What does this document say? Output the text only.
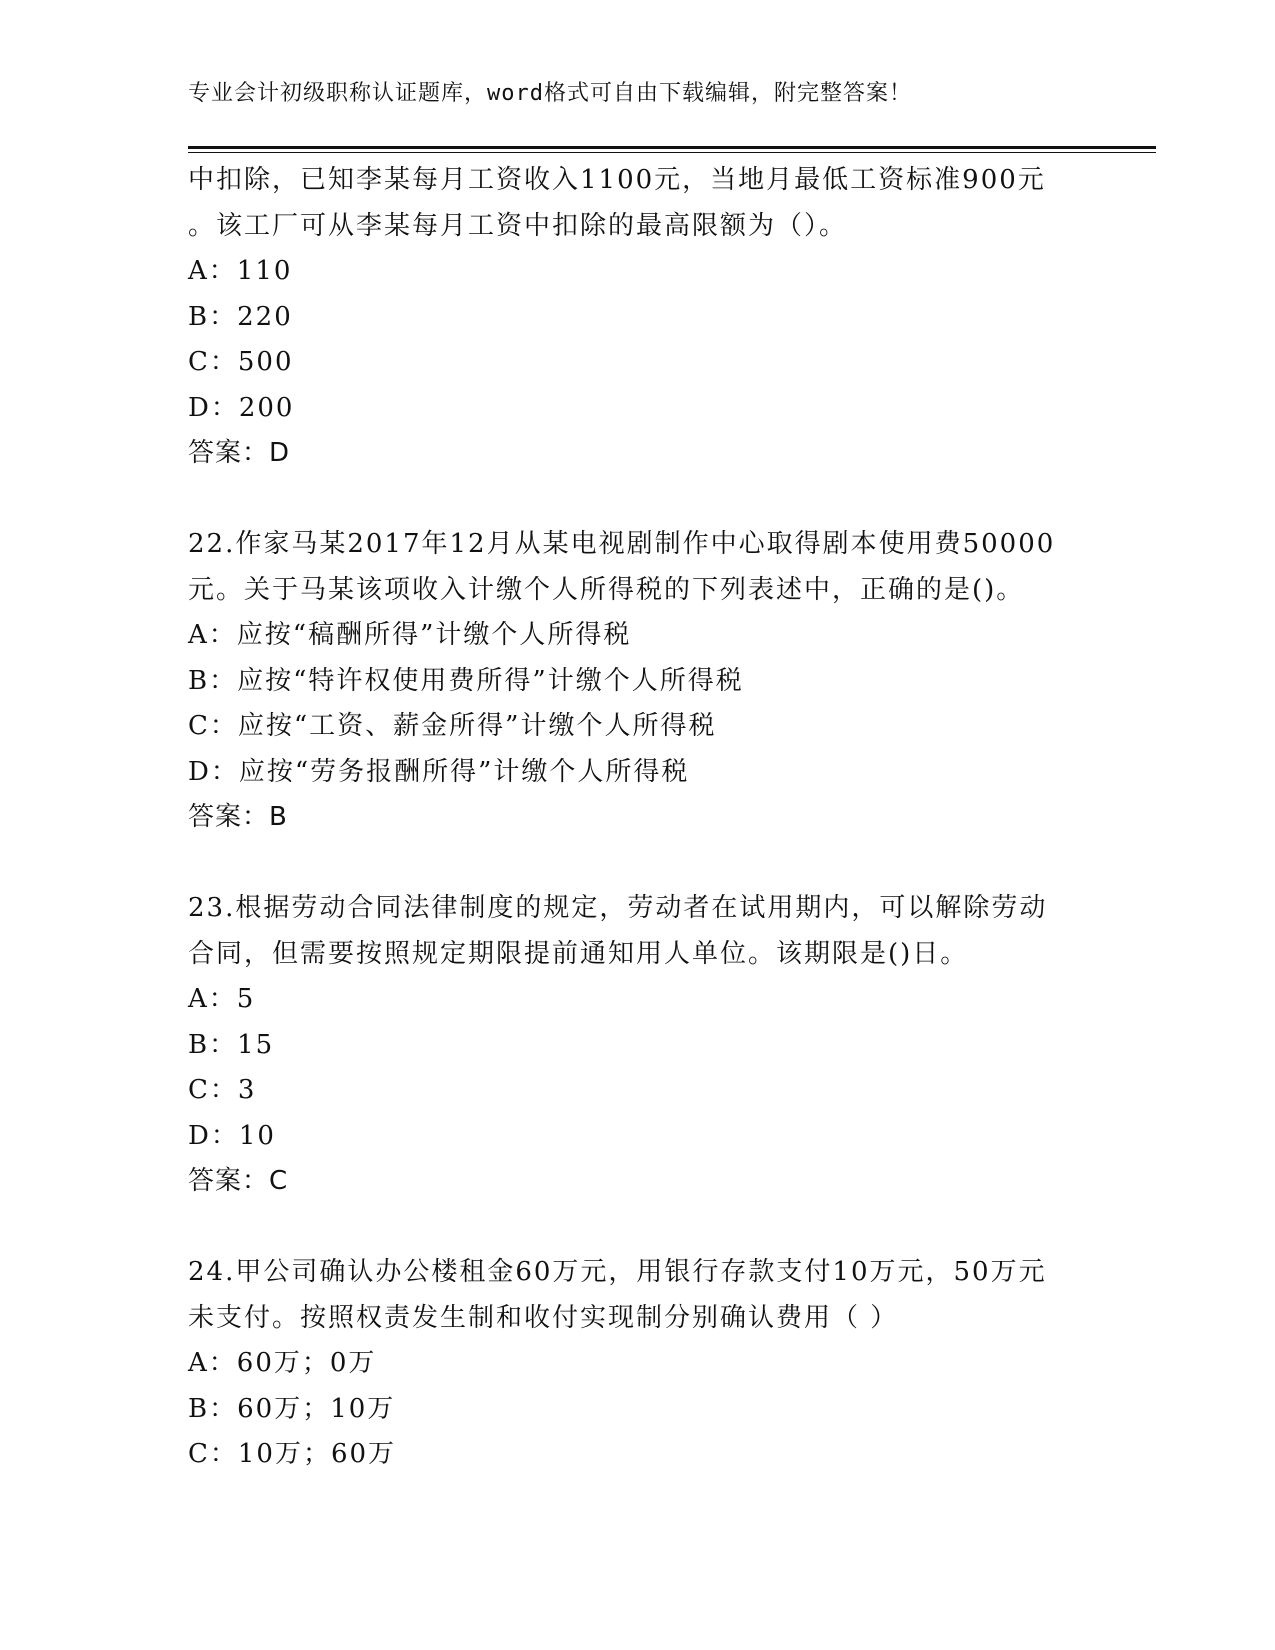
专业会计初级职称认证题库，word格式可自由下载编辑，附完整答案！
中扣除，已知李某每月工资收入1100元，当地月最低工资标准900元
。该工厂可从李某每月工资中扣除的最高限额为（）。
A：110
B：220
C：500
D：200
答案：D
22.作家马某2017年12月从某电视剧制作中心取得剧本使用费50000
元。关于马某该项收入计缴个人所得税的下列表述中，正确的是()。
A：应按“稿酬所得”计缴个人所得税
B：应按“特许权使用费所得”计缴个人所得税
C：应按“工资、薪金所得”计缴个人所得税
D：应按“劳务报酬所得”计缴个人所得税
答案：B
23.根据劳动合同法律制度的规定，劳动者在试用期内，可以解除劳动
合同，但需要按照规定期限提前通知用人单位。该期限是()日。
A：5
B：15
C：3
D：10
答案：C
24.甲公司确认办公楼租金60万元，用银行存款支付10万元，50万元
未支付。按照权责发生制和收付实现制分别确认费用（ ）
A：60万；0万
B：60万；10万
C：10万；60万
